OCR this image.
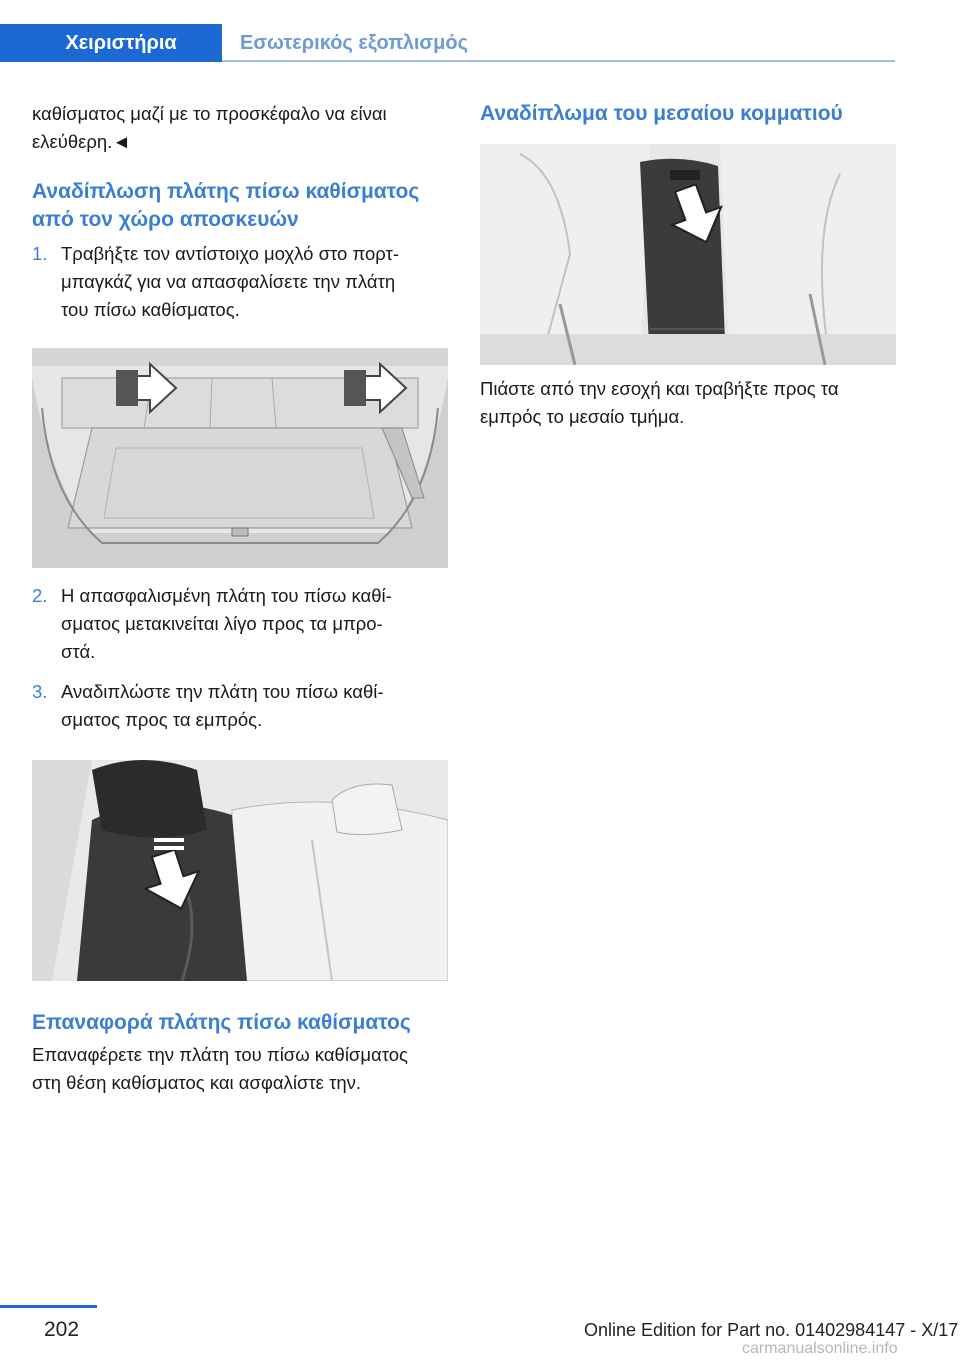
Χειριστήρια	Εσωτερικός εξοπλισμός

καθίσματος μαζί με το προσκέφαλο να είναι
ελεύθερη.◄

Αναδίπλωση πλάτης πίσω καθίσματος
από τον χώρο αποσκευών
1. Τραβήξτε τον αντίστοιχο μοχλό στο πορτ‐
μπαγκάζ για να απασφαλίσετε την πλάτη
του πίσω καθίσματος.
2. Η απασφαλισμένη πλάτη του πίσω καθί‐
σματος μετακινείται λίγο προς τα μπρο‐
στά.
3. Αναδιπλώστε την πλάτη του πίσω καθί‐
σματος προς τα εμπρός.
Επαναφορά πλάτης πίσω καθίσματος

Επαναφέρετε την πλάτη του πίσω καθίσματος
στη θέση καθίσματος και ασφαλίστε την.

Αναδίπλωμα του μεσαίου κομματιού

Πιάστε από την εσοχή και τραβήξτε προς τα
εμπρός το μεσαίο τμήμα.

202	Online Edition for Part no. 01402984147 - X/17
carmanualsonline.info
